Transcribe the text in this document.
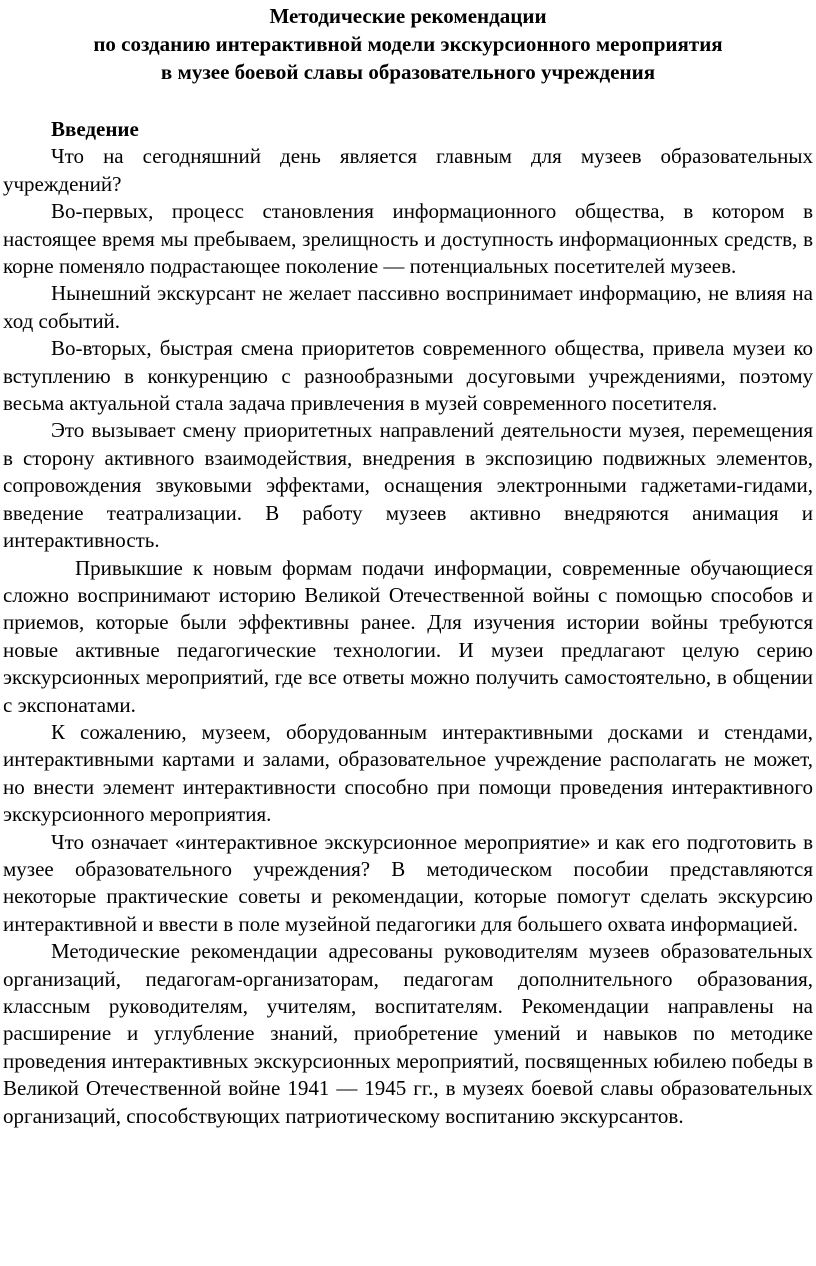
Методические рекомендации
по созданию интерактивной модели экскурсионного мероприятия
в музее боевой славы образовательного учреждения
Введение

Что на сегодняшний день является главным для музеев образовательных учреждений?

Во-первых, процесс становления информационного общества, в котором в настоящее время мы пребываем, зрелищность и доступность информационных средств, в корне поменяло подрастающее поколение — потенциальных посетителей музеев.

Нынешний экскурсант не желает пассивно воспринимает информацию, не влияя на ход событий.

Во-вторых, быстрая смена приоритетов современного общества, привела музеи ко вступлению в конкуренцию с разнообразными досуговыми учреждениями, поэтому весьма актуальной стала задача привлечения в музей современного посетителя.

Это вызывает смену приоритетных направлений деятельности музея, перемещения в сторону активного взаимодействия, внедрения в экспозицию подвижных элементов, сопровождения звуковыми эффектами, оснащения электронными гаджетами-гидами, введение театрализации. В работу музеев активно внедряются анимация и интерактивность.

Привыкшие к новым формам подачи информации, современные обучающиеся сложно воспринимают историю Великой Отечественной войны с помощью способов и приемов, которые были эффективны ранее. Для изучения истории войны требуются новые активные педагогические технологии. И музеи предлагают целую серию экскурсионных мероприятий, где все ответы можно получить самостоятельно, в общении с экспонатами.

К сожалению, музеем, оборудованным интерактивными досками и стендами, интерактивными картами и залами, образовательное учреждение располагать не может, но внести элемент интерактивности способно при помощи проведения интерактивного экскурсионного мероприятия.

Что означает «интерактивное экскурсионное мероприятие» и как его подготовить в музее образовательного учреждения? В методическом пособии представляются некоторые практические советы и рекомендации, которые помогут сделать экскурсию интерактивной и ввести в поле музейной педагогики для большего охвата информацией.

Методические рекомендации адресованы руководителям музеев образовательных организаций, педагогам-организаторам, педагогам дополнительного образования, классным руководителям, учителям, воспитателям. Рекомендации направлены на расширение и углубление знаний, приобретение умений и навыков по методике проведения интерактивных экскурсионных мероприятий, посвященных юбилею победы в Великой Отечественной войне 1941 — 1945 гг., в музеях боевой славы образовательных организаций, способствующих патриотическому воспитанию экскурсантов.
